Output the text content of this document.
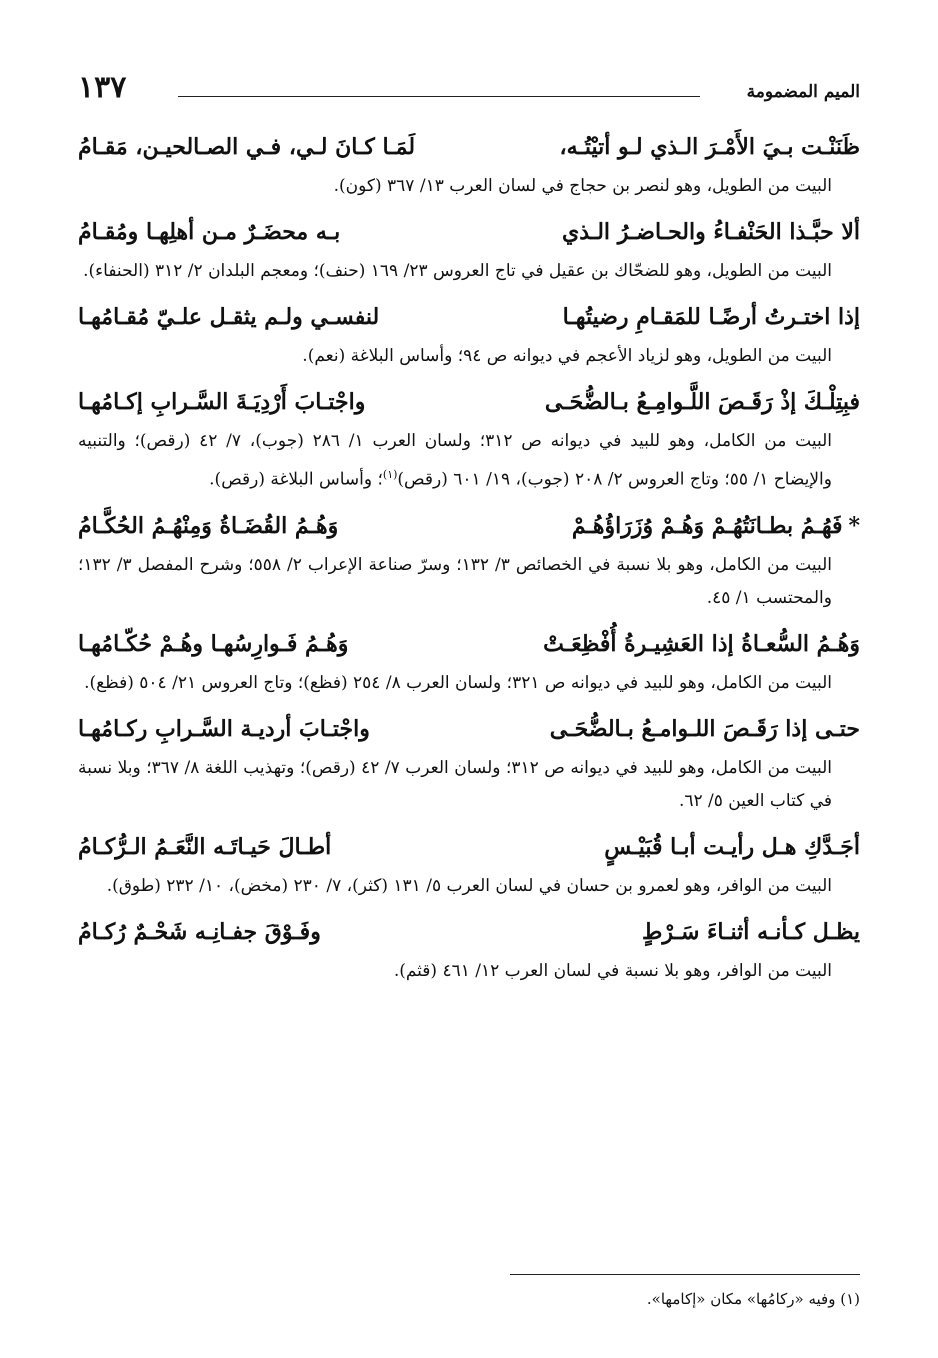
الميم المضمومة
١٣٧
ظَنَنْـت بـيَ الأَمْـرَ الـذي لـو أتيْتُـه،
لَمَـا كـانَ لـي، فـي الصـالحيـن، مَقـامُ
البيت من الطويل، وهو لنصر بن حجاج في لسان العرب ١٣/ ٣٦٧ (كون).
ألا حبَّـذا الحَنْفـاءُ والحـاضـرُ الـذي
بـه محضَـرٌ مـن أهلِهـا ومُقـامُ
البيت من الطويل، وهو للضحّاك بن عقيل في تاج العروس ٢٣/ ١٦٩ (حنف)؛ ومعجم البلدان ٢/ ٣١٢ (الحنفاء).
إذا اختـرتُ أرضًـا للمَقـامِ رضيتُهـا
لنفسـي ولـم يثقـل علـيّ مُقـامُهـا
البيت من الطويل، وهو لزياد الأعجم في ديوانه ص ٩٤؛ وأساس البلاغة (نعم).
فبِتِلْـكَ إذْ رَقَـصَ اللَّـوامِـعُ بـالضُّحَـى
واجْتـابَ أَرْدِيَـةَ السَّـرابِ إكـامُهـا
البيت من الكامل، وهو للبيد في ديوانه ص ٣١٢؛ ولسان العرب ١/ ٢٨٦ (جوب)، ٧/ ٤٢ (رقص)؛ والتنبيه والإيضاح ١/ ٥٥؛ وتاج العروس ٢/ ٢٠٨ (جوب)، ١٩/ ٦٠١ (رقص)$^{(١)}$؛ وأساس البلاغة (رقص).
*فَهُـمُ بطـانَتُهُـمْ وَهُـمْ وُزَرَاؤُهُـمْ
وَهُـمُ القُضَـاةُ وَمِنْهُـمُ الحُكَّـامُ
البيت من الكامل، وهو بلا نسبة في الخصائص ٣/ ١٣٢؛ وسرّ صناعة الإعراب ٢/ ٥٥٨؛ وشرح المفصل ٣/ ١٣٢؛ والمحتسب ١/ ٤٥.
وَهُـمُ السُّعـاةُ إذا العَشِيـرةُ أُفْظِعَـتْ
وَهُـمُ فَـوارِسُهـا وهُـمْ حُكّـامُهـا
البيت من الكامل، وهو للبيد في ديوانه ص ٣٢١؛ ولسان العرب ٨/ ٢٥٤ (فظع)؛ وتاج العروس ٢١/ ٥٠٤ (فظع).
حتـى إذا رَقَـصَ اللـوامـعُ بـالضُّحَـى
واجْتـابَ أرديـة السَّـرابِ ركـامُهـا
البيت من الكامل، وهو للبيد في ديوانه ص ٣١٢؛ ولسان العرب ٧/ ٤٢ (رقص)؛ وتهذيب اللغة ٨/ ٣٦٧؛ وبلا نسبة في كتاب العين ٥/ ٦٢.
أجَـدَّكِ هـل رأيـت أبـا قُبَيْـسٍ
أطـالَ حَيـاتَـه النَّعَـمُ الـرُّكـامُ
البيت من الوافر، وهو لعمرو بن حسان في لسان العرب ٥/ ١٣١ (كثر)، ٧/ ٢٣٠ (مخض)، ١٠/ ٢٣٢ (طوق).
يظـل كـأنـه أثنـاءَ سَـرْطٍ
وفَـوْقَ جفـانِـه شَحْـمٌ رُكـامُ
البيت من الوافر، وهو بلا نسبة في لسان العرب ١٢/ ٤٦١ (قثم).
(١) وفيه «ركامُها» مكان «إكامها».
